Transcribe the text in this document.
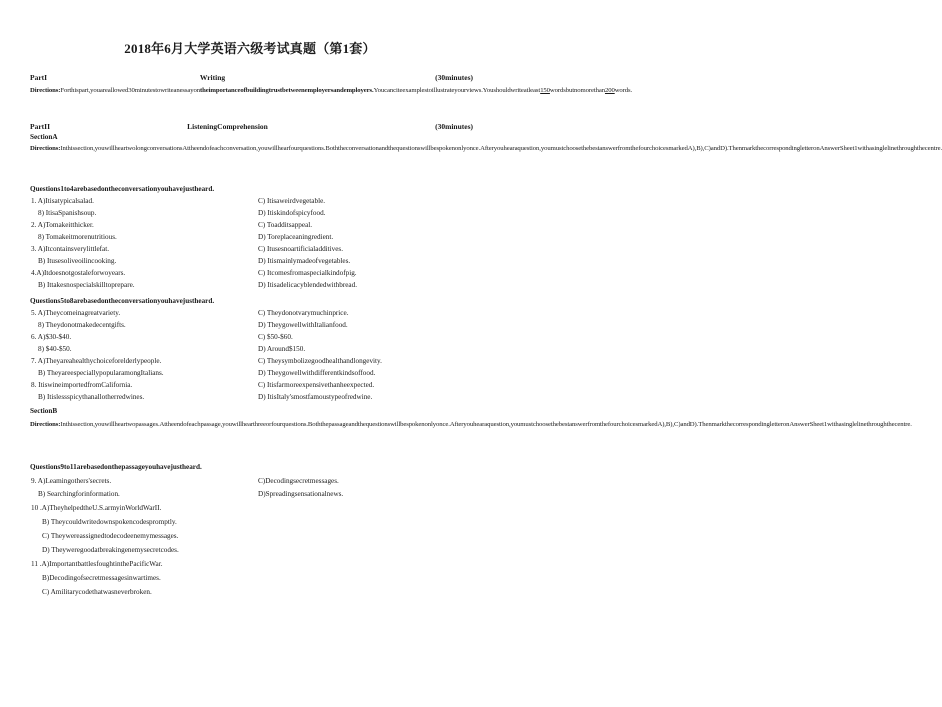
2018年6月大学英语六级考试真题（第1套）
PartI	Writing	(30minutes)
Directions:Forthispart,youareallowed30minutestowriteanessayontheimportanceofbuildingtrustbetweenemployersandemployers.Youcanciteexamplestoillustrateyourviews.Youshouldwriteatleast150wordsbutnomorethan200words.
PartII	ListeningComprehension	(30minutes)
SectionA
Directions:Inthissection,youwillheartwolongconversationsAttheendofeachconversation,youwillhearfourquestions.Boththeconversationandthequestionswillbespokenonlyonce.Afteryouhearaquestion,youmustchoosethebestanswerfromthefourchoicesmarkedA),B),C)andD).ThenmarkthecorrespondingletteronAnswerSheet1withasinglelinethroughthecentre.
Questions1to4arebasedontheconversationyouhavejustheard.
1. A)Itisatypicalsalad.	C) Itisaweirdvegetable.
8) ItisaSpanishsoup.	D) Itiskindofspicyfood.
2. A)Tomakeitthicker.	C) Toadditsappeal.
8) Tomakeitmorenutritious.	D) Toreplaceaningredient.
3. A)Itcontainsverylittlefat.	C) Itusesnoartificialadditives.
B) Itusesoliveoilincooking.	D) Itismainlymadeofvegetables.
4.A)Itdoesnotgostaleforwoyears.	C) Itcomesfromaspecialkindofpig.
B) Ittakesnospecialskilltoprepare.	D) Itisadelicacyblendedwithbread.
Questions5to8arebasedontheconversationyouhavejustheard.
5. A)Theycomeinagreatvariety.	C) Theydonotvarymuchinprice.
8) Theydonotmakedecentgifts.	D) TheygowellwithItalianfood.
6. A)$30-$40.	C) $50-$60.
8) $40-$50.	D) Around$150.
7. A)Theyareahealthychoiceforelderlypeople.	C) Theysymbolizegoodhealthandlongevity.
B) TheyareespeciallypopularamongItalians.	D) Theygowellwithdifferentkindsoffood.
8. ItiswineimportedfromCalifornia.	C) Itisfarmoreexpensivethanheexpected.
B) Itislessspicythanallotherredwines.	D) ItisItaly'smostfamoustypeofredwine.
SectionB
Directions:Inthissection,youwillheartwopassages.Attheendofeachpassage,youwillhearthreeorfourquestions.Boththepassageandthequestionswillbespokenonlyonce.Afteryouhearaquestion,youmustchoosethebestanswerfromthefourchoicesmarkedA),B),C)andD).ThenmarkthecorrespondingletteronAnswerSheet1withasinglelinethroughthecentre.
Questions9to11arebasedonthepassageyouhavejustheard.
9. A)Leamingothers'secrets.	C)Decodingsecretmessages.
B) Searchingforinformation.	D)Spreadingsensationalnews.
10 .A)TheyhelpedtheU.S.armyinWorldWarII.
B) Theycouldwritedownspokencodespromptly.
C) Theywereassignedtodecodeenemymessages.
D) Theyweregoodatbreakingenemysecretcodes.
11 .A)ImportantbattlesfoughtinthePacificWar.
B)Decodingofsecretmessagesinwartimes.
C) Amilitarycodethatwasneverbroken.
